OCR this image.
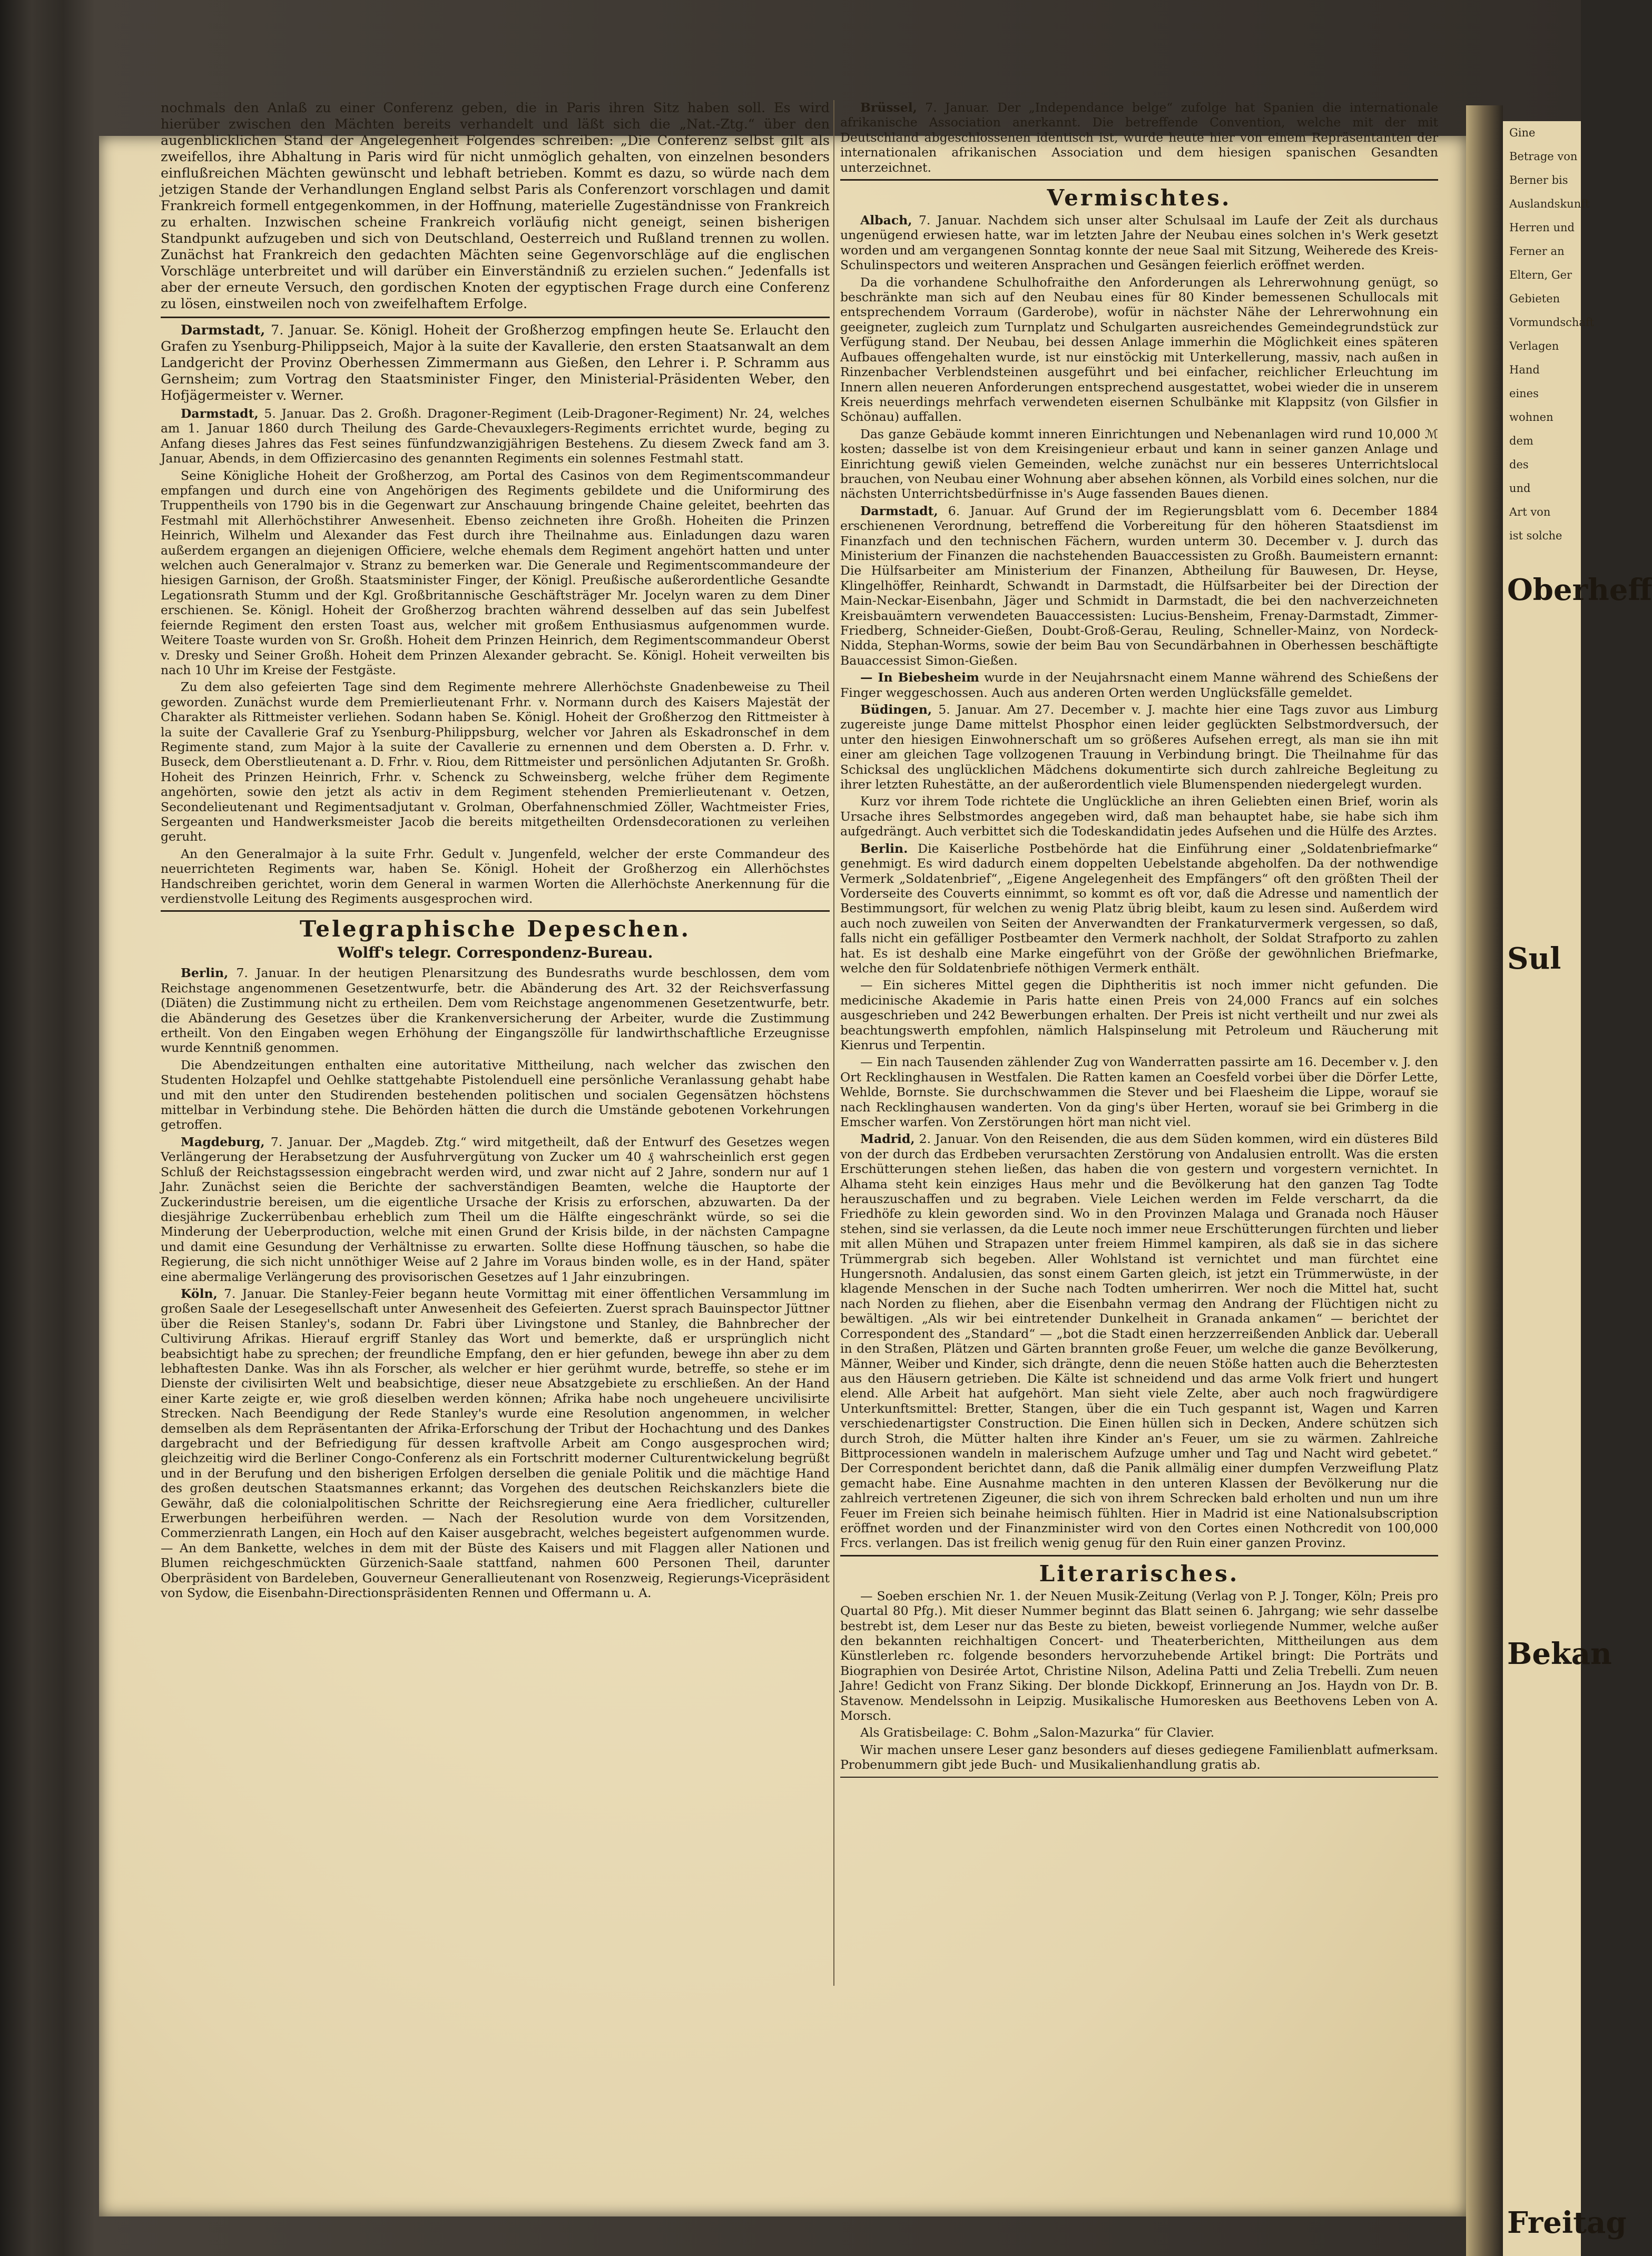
nochmals den Anlaß zu einer Conferenz geben, die in Paris ihren Sitz haben soll. Es wird hierüber zwischen den Mächten bereits verhandelt und läßt sich die „Nat.-Ztg.“ über den augenblicklichen Stand der Angelegenheit Folgendes schreiben: „Die Conferenz selbst gilt als zweifellos, ihre Abhaltung in Paris wird für nicht unmöglich gehalten, von einzelnen besonders einflußreichen Mächten gewünscht und lebhaft betrieben. Kommt es dazu, so würde nach dem jetzigen Stande der Verhandlungen England selbst Paris als Conferenzort vorschlagen und damit Frankreich formell entgegenkommen, in der Hoffnung, materielle Zugeständnisse von Frankreich zu erhalten. Inzwischen scheine Frankreich vorläufig nicht geneigt, seinen bisherigen Standpunkt aufzugeben und sich von Deutschland, Oesterreich und Rußland trennen zu wollen. Zunächst hat Frankreich den gedachten Mächten seine Gegenvorschläge auf die englischen Vorschläge unterbreitet und will darüber ein Einverständniß zu erzielen suchen.“ Jedenfalls ist aber der erneute Versuch, den gordischen Knoten der egyptischen Frage durch eine Conferenz zu lösen, einstweilen noch von zweifelhaftem Erfolge.

Darmstadt, 7. Januar. Se. Königl. Hoheit der Großherzog empfingen heute Se. Erlaucht den Grafen zu Ysenburg-Philippseich, Major à la suite der Kavallerie, den ersten Staatsanwalt an dem Landgericht der Provinz Oberhessen Zimmermann aus Gießen, den Lehrer i. P. Schramm aus Gernsheim; zum Vortrag den Staatsminister Finger, den Ministerial-Präsidenten Weber, den Hofjägermeister v. Werner.

Darmstadt, 5. Januar. Das 2. Großh. Dragoner-Regiment (Leib-Dragoner-Regiment) Nr. 24, welches am 1. Januar 1860 durch Theilung des Garde-Chevauxlegers-Regiments errichtet wurde, beging zu Anfang dieses Jahres das Fest seines fünfundzwanzigjährigen Bestehens. Zu diesem Zweck fand am 3. Januar, Abends, in dem Offiziercasino des genannten Regiments ein solennes Festmahl statt.

Seine Königliche Hoheit der Großherzog, am Portal des Casinos von dem Regimentscommandeur empfangen und durch eine von Angehörigen des Regiments gebildete und die Uniformirung des Truppentheils von 1790 bis in die Gegenwart zur Anschauung bringende Chaine geleitet, beehrten das Festmahl mit Allerhöchstihrer Anwesenheit. Ebenso zeichneten ihre Großh. Hoheiten die Prinzen Heinrich, Wilhelm und Alexander das Fest durch ihre Theilnahme aus. Einladungen dazu waren außerdem ergangen an diejenigen Officiere, welche ehemals dem Regiment angehört hatten und unter welchen auch Generalmajor v. Stranz zu bemerken war. Die Generale und Regimentscommandeure der hiesigen Garnison, der Großh. Staatsminister Finger, der Königl. Preußische außerordentliche Gesandte Legationsrath Stumm und der Kgl. Großbritannische Geschäftsträger Mr. Jocelyn waren zu dem Diner erschienen. Se. Königl. Hoheit der Großherzog brachten während desselben auf das sein Jubelfest feiernde Regiment den ersten Toast aus, welcher mit großem Enthusiasmus aufgenommen wurde. Weitere Toaste wurden von Sr. Großh. Hoheit dem Prinzen Heinrich, dem Regimentscommandeur Oberst v. Dresky und Seiner Großh. Hoheit dem Prinzen Alexander gebracht. Se. Königl. Hoheit verweilten bis nach 10 Uhr im Kreise der Festgäste.

Zu dem also gefeierten Tage sind dem Regimente mehrere Allerhöchste Gnadenbeweise zu Theil geworden. Zunächst wurde dem Premierlieutenant Frhr. v. Normann durch des Kaisers Majestät der Charakter als Rittmeister verliehen. Sodann haben Se. Königl. Hoheit der Großherzog den Rittmeister à la suite der Cavallerie Graf zu Ysenburg-Philippsburg, welcher vor Jahren als Eskadronschef in dem Regimente stand, zum Major à la suite der Cavallerie zu ernennen und dem Obersten a. D. Frhr. v. Buseck, dem Oberstlieutenant a. D. Frhr. v. Riou, dem Rittmeister und persönlichen Adjutanten Sr. Großh. Hoheit des Prinzen Heinrich, Frhr. v. Schenck zu Schweinsberg, welche früher dem Regimente angehörten, sowie den jetzt als activ in dem Regiment stehenden Premierlieutenant v. Oetzen, Secondelieutenant und Regimentsadjutant v. Grolman, Oberfahnenschmied Zöller, Wachtmeister Fries, Sergeanten und Handwerksmeister Jacob die bereits mitgetheilten Ordensdecorationen zu verleihen geruht.

An den Generalmajor à la suite Frhr. Gedult v. Jungenfeld, welcher der erste Commandeur des neuerrichteten Regiments war, haben Se. Königl. Hoheit der Großherzog ein Allerhöchstes Handschreiben gerichtet, worin dem General in warmen Worten die Allerhöchste Anerkennung für die verdienstvolle Leitung des Regiments ausgesprochen wird.

Telegraphische Depeschen.
Wolff's telegr. Correspondenz-Bureau.

Berlin, 7. Januar. In der heutigen Plenarsitzung des Bundesraths wurde beschlossen, dem vom Reichstage angenommenen Gesetzentwurfe, betr. die Abänderung des Art. 32 der Reichsverfassung (Diäten) die Zustimmung nicht zu ertheilen. Dem vom Reichstage angenommenen Gesetzentwurfe, betr. die Abänderung des Gesetzes über die Krankenversicherung der Arbeiter, wurde die Zustimmung ertheilt. Von den Eingaben wegen Erhöhung der Eingangszölle für landwirthschaftliche Erzeugnisse wurde Kenntniß genommen.

Die Abendzeitungen enthalten eine autoritative Mittheilung, nach welcher das zwischen den Studenten Holzapfel und Oehlke stattgehabte Pistolenduell eine persönliche Veranlassung gehabt habe und mit den unter den Studirenden bestehenden politischen und socialen Gegensätzen höchstens mittelbar in Verbindung stehe. Die Behörden hätten die durch die Umstände gebotenen Vorkehrungen getroffen.

Magdeburg, 7. Januar. Der „Magdeb. Ztg.“ wird mitgetheilt, daß der Entwurf des Gesetzes wegen Verlängerung der Herabsetzung der Ausfuhrvergütung von Zucker um 40 ₰ wahrscheinlich erst gegen Schluß der Reichstagssession eingebracht werden wird, und zwar nicht auf 2 Jahre, sondern nur auf 1 Jahr. Zunächst seien die Berichte der sachverständigen Beamten, welche die Hauptorte der Zuckerindustrie bereisen, um die eigentliche Ursache der Krisis zu erforschen, abzuwarten. Da der diesjährige Zuckerrübenbau erheblich zum Theil um die Hälfte eingeschränkt würde, so sei die Minderung der Ueberproduction, welche mit einen Grund der Krisis bilde, in der nächsten Campagne und damit eine Gesundung der Verhältnisse zu erwarten. Sollte diese Hoffnung täuschen, so habe die Regierung, die sich nicht unnöthiger Weise auf 2 Jahre im Voraus binden wolle, es in der Hand, später eine abermalige Verlängerung des provisorischen Gesetzes auf 1 Jahr einzubringen.

Köln, 7. Januar. Die Stanley-Feier begann heute Vormittag mit einer öffentlichen Versammlung im großen Saale der Lesegesellschaft unter Anwesenheit des Gefeierten. Zuerst sprach Bauinspector Jüttner über die Reisen Stanley's, sodann Dr. Fabri über Livingstone und Stanley, die Bahnbrecher der Cultivirung Afrikas. Hierauf ergriff Stanley das Wort und bemerkte, daß er ursprünglich nicht beabsichtigt habe zu sprechen; der freundliche Empfang, den er hier gefunden, bewege ihn aber zu dem lebhaftesten Danke. Was ihn als Forscher, als welcher er hier gerühmt wurde, betreffe, so stehe er im Dienste der civilisirten Welt und beabsichtige, dieser neue Absatzgebiete zu erschließen. An der Hand einer Karte zeigte er, wie groß dieselben werden können; Afrika habe noch ungeheuere uncivilisirte Strecken. Nach Beendigung der Rede Stanley's wurde eine Resolution angenommen, in welcher demselben als dem Repräsentanten der Afrika-Erforschung der Tribut der Hochachtung und des Dankes dargebracht und der Befriedigung für dessen kraftvolle Arbeit am Congo ausgesprochen wird; gleichzeitig wird die Berliner Congo-Conferenz als ein Fortschritt moderner Culturentwickelung begrüßt und in der Berufung und den bisherigen Erfolgen derselben die geniale Politik und die mächtige Hand des großen deutschen Staatsmannes erkannt; das Vorgehen des deutschen Reichskanzlers biete die Gewähr, daß die colonialpolitischen Schritte der Reichsregierung eine Aera friedlicher, cultureller Erwerbungen herbeiführen werden. — Nach der Resolution wurde von dem Vorsitzenden, Commerzienrath Langen, ein Hoch auf den Kaiser ausgebracht, welches begeistert aufgenommen wurde. — An dem Bankette, welches in dem mit der Büste des Kaisers und mit Flaggen aller Nationen und Blumen reichgeschmückten Gürzenich-Saale stattfand, nahmen 600 Personen Theil, darunter Oberpräsident von Bardeleben, Gouverneur Generallieutenant von Rosenzweig, Regierungs-Vicepräsident von Sydow, die Eisenbahn-Directionspräsidenten Rennen und Offermann u. A.

Brüssel, 7. Januar. Der „Independance belge“ zufolge hat Spanien die internationale afrikanische Association anerkannt. Die betreffende Convention, welche mit der mit Deutschland abgeschlossenen identisch ist, wurde heute hier von einem Repräsentanten der internationalen afrikanischen Association und dem hiesigen spanischen Gesandten unterzeichnet.

Vermischtes.

Albach, 7. Januar. Nachdem sich unser alter Schulsaal im Laufe der Zeit als durchaus ungenügend erwiesen hatte, war im letzten Jahre der Neubau eines solchen in's Werk gesetzt worden und am vergangenen Sonntag konnte der neue Saal mit Sitzung, Weiherede des Kreis-Schulinspectors und weiteren Ansprachen und Gesängen feierlich eröffnet werden.

Da die vorhandene Schulhofraithe den Anforderungen als Lehrerwohnung genügt, so beschränkte man sich auf den Neubau eines für 80 Kinder bemessenen Schullocals mit entsprechendem Vorraum (Garderobe), wofür in nächster Nähe der Lehrerwohnung ein geeigneter, zugleich zum Turnplatz und Schulgarten ausreichendes Gemeindegrundstück zur Verfügung stand. Der Neubau, bei dessen Anlage immerhin die Möglichkeit eines späteren Aufbaues offengehalten wurde, ist nur einstöckig mit Unterkellerung, massiv, nach außen in Rinzenbacher Verblendsteinen ausgeführt und bei einfacher, reichlicher Erleuchtung im Innern allen neueren Anforderungen entsprechend ausgestattet, wobei wieder die in unserem Kreis neuerdings mehrfach verwendeten eisernen Schulbänke mit Klappsitz (von Gilsfier in Schönau) auffallen.

Das ganze Gebäude kommt inneren Einrichtungen und Nebenanlagen wird rund 10,000 ℳ kosten; dasselbe ist von dem Kreisingenieur erbaut und kann in seiner ganzen Anlage und Einrichtung gewiß vielen Gemeinden, welche zunächst nur ein besseres Unterrichtslocal brauchen, von Neubau einer Wohnung aber absehen können, als Vorbild eines solchen, nur die nächsten Unterrichtsbedürfnisse in's Auge fassenden Baues dienen.

Darmstadt, 6. Januar. Auf Grund der im Regierungsblatt vom 6. December 1884 erschienenen Verordnung, betreffend die Vorbereitung für den höheren Staatsdienst im Finanzfach und den technischen Fächern, wurden unterm 30. December v. J. durch das Ministerium der Finanzen die nachstehenden Bauaccessisten zu Großh. Baumeistern ernannt: Die Hülfsarbeiter am Ministerium der Finanzen, Abtheilung für Bauwesen, Dr. Heyse, Klingelhöffer, Reinhardt, Schwandt in Darmstadt, die Hülfsarbeiter bei der Direction der Main-Neckar-Eisenbahn, Jäger und Schmidt in Darmstadt, die bei den nachverzeichneten Kreisbauämtern verwendeten Bauaccessisten: Lucius-Bensheim, Frenay-Darmstadt, Zimmer-Friedberg, Schneider-Gießen, Doubt-Groß-Gerau, Reuling, Schneller-Mainz, von Nordeck-Nidda, Stephan-Worms, sowie der beim Bau von Secundärbahnen in Oberhessen beschäftigte Bauaccessist Simon-Gießen.

— In Biebesheim wurde in der Neujahrsnacht einem Manne während des Schießens der Finger weggeschossen. Auch aus anderen Orten werden Unglücksfälle gemeldet.

Büdingen, 5. Januar. Am 27. December v. J. machte hier eine Tags zuvor aus Limburg zugereiste junge Dame mittelst Phosphor einen leider geglückten Selbstmordversuch, der unter den hiesigen Einwohnerschaft um so größeres Aufsehen erregt, als man sie ihn mit einer am gleichen Tage vollzogenen Trauung in Verbindung bringt. Die Theilnahme für das Schicksal des unglücklichen Mädchens dokumentirte sich durch zahlreiche Begleitung zu ihrer letzten Ruhestätte, an der außerordentlich viele Blumenspenden niedergelegt wurden.

Kurz vor ihrem Tode richtete die Unglückliche an ihren Geliebten einen Brief, worin als Ursache ihres Selbstmordes angegeben wird, daß man behauptet habe, sie habe sich ihm aufgedrängt. Auch verbittet sich die Todeskandidatin jedes Aufsehen und die Hülfe des Arztes.

Berlin. Die Kaiserliche Postbehörde hat die Einführung einer „Soldatenbriefmarke“ genehmigt. Es wird dadurch einem doppelten Uebelstande abgeholfen. Da der nothwendige Vermerk „Soldatenbrief“, „Eigene Angelegenheit des Empfängers“ oft den größten Theil der Vorderseite des Couverts einnimmt, so kommt es oft vor, daß die Adresse und namentlich der Bestimmungsort, für welchen zu wenig Platz übrig bleibt, kaum zu lesen sind. Außerdem wird auch noch zuweilen von Seiten der Anverwandten der Frankaturvermerk vergessen, so daß, falls nicht ein gefälliger Postbeamter den Vermerk nachholt, der Soldat Strafporto zu zahlen hat. Es ist deshalb eine Marke eingeführt von der Größe der gewöhnlichen Briefmarke, welche den für Soldatenbriefe nöthigen Vermerk enthält.

— Ein sicheres Mittel gegen die Diphtheritis ist noch immer nicht gefunden. Die medicinische Akademie in Paris hatte einen Preis von 24,000 Francs auf ein solches ausgeschrieben und 242 Bewerbungen erhalten. Der Preis ist nicht vertheilt und nur zwei als beachtungswerth empfohlen, nämlich Halspinselung mit Petroleum und Räucherung mit Kienrus und Terpentin.

— Ein nach Tausenden zählender Zug von Wanderratten passirte am 16. December v. J. den Ort Recklinghausen in Westfalen. Die Ratten kamen an Coesfeld vorbei über die Dörfer Lette, Wehlde, Bornste. Sie durchschwammen die Stever und bei Flaesheim die Lippe, worauf sie nach Recklinghausen wanderten. Von da ging's über Herten, worauf sie bei Grimberg in die Emscher warfen. Von Zerstörungen hört man nicht viel.

Madrid, 2. Januar. Von den Reisenden, die aus dem Süden kommen, wird ein düsteres Bild von der durch das Erdbeben verursachten Zerstörung von Andalusien entrollt. Was die ersten Erschütterungen stehen ließen, das haben die von gestern und vorgestern vernichtet. In Alhama steht kein einziges Haus mehr und die Bevölkerung hat den ganzen Tag Todte herauszuschaffen und zu begraben. Viele Leichen werden im Felde verscharrt, da die Friedhöfe zu klein geworden sind. Wo in den Provinzen Malaga und Granada noch Häuser stehen, sind sie verlassen, da die Leute noch immer neue Erschütterungen fürchten und lieber mit allen Mühen und Strapazen unter freiem Himmel kampiren, als daß sie in das sichere Trümmergrab sich begeben. Aller Wohlstand ist vernichtet und man fürchtet eine Hungersnoth. Andalusien, das sonst einem Garten gleich, ist jetzt ein Trümmerwüste, in der klagende Menschen in der Suche nach Todten umherirren. Wer noch die Mittel hat, sucht nach Norden zu fliehen, aber die Eisenbahn vermag den Andrang der Flüchtigen nicht zu bewältigen. „Als wir bei eintretender Dunkelheit in Granada ankamen“ — berichtet der Correspondent des „Standard“ — „bot die Stadt einen herzzerreißenden Anblick dar. Ueberall in den Straßen, Plätzen und Gärten brannten große Feuer, um welche die ganze Bevölkerung, Männer, Weiber und Kinder, sich drängte, denn die neuen Stöße hatten auch die Beherztesten aus den Häusern getrieben. Die Kälte ist schneidend und das arme Volk friert und hungert elend. Alle Arbeit hat aufgehört. Man sieht viele Zelte, aber auch noch fragwürdigere Unterkunftsmittel: Bretter, Stangen, über die ein Tuch gespannt ist, Wagen und Karren verschiedenartigster Construction. Die Einen hüllen sich in Decken, Andere schützen sich durch Stroh, die Mütter halten ihre Kinder an's Feuer, um sie zu wärmen. Zahlreiche Bittprocessionen wandeln in malerischem Aufzuge umher und Tag und Nacht wird gebetet.“ Der Correspondent berichtet dann, daß die Panik allmälig einer dumpfen Verzweiflung Platz gemacht habe. Eine Ausnahme machten in den unteren Klassen der Bevölkerung nur die zahlreich vertretenen Zigeuner, die sich von ihrem Schrecken bald erholten und nun um ihre Feuer im Freien sich beinahe heimisch fühlten. Hier in Madrid ist eine Nationalsubscription eröffnet worden und der Finanzminister wird von den Cortes einen Nothcredit von 100,000 Frcs. verlangen. Das ist freilich wenig genug für den Ruin einer ganzen Provinz.

Literarisches.

— Soeben erschien Nr. 1. der Neuen Musik-Zeitung (Verlag von P. J. Tonger, Köln; Preis pro Quartal 80 Pfg.). Mit dieser Nummer beginnt das Blatt seinen 6. Jahrgang; wie sehr dasselbe bestrebt ist, dem Leser nur das Beste zu bieten, beweist vorliegende Nummer, welche außer den bekannten reichhaltigen Concert- und Theaterberichten, Mittheilungen aus dem Künstlerleben rc. folgende besonders hervorzuhebende Artikel bringt: Die Porträts und Biographien von Desirée Artot, Christine Nilson, Adelina Patti und Zelia Trebelli. Zum neuen Jahre! Gedicht von Franz Siking. Der blonde Dickkopf, Erinnerung an Jos. Haydn von Dr. B. Stavenow. Mendelssohn in Leipzig. Musikalische Humoresken aus Beethovens Leben von A. Morsch.

Als Gratisbeilage: C. Bohm „Salon-Mazurka“ für Clavier.

Wir machen unsere Leser ganz besonders auf dieses gediegene Familienblatt aufmerksam. Probenummern gibt jede Buch- und Musikalienhandlung gratis ab.

Gine
Betrage von
Berner bis
Auslandskunft
Herren und
Ferner an
Eltern, Ger
Gebieten
Vormundschaft
Verlagen
Hand
eines
wohnen
dem
des
und
Art von
ist solche
Oberheff
Sul
Bekan
Freitag
